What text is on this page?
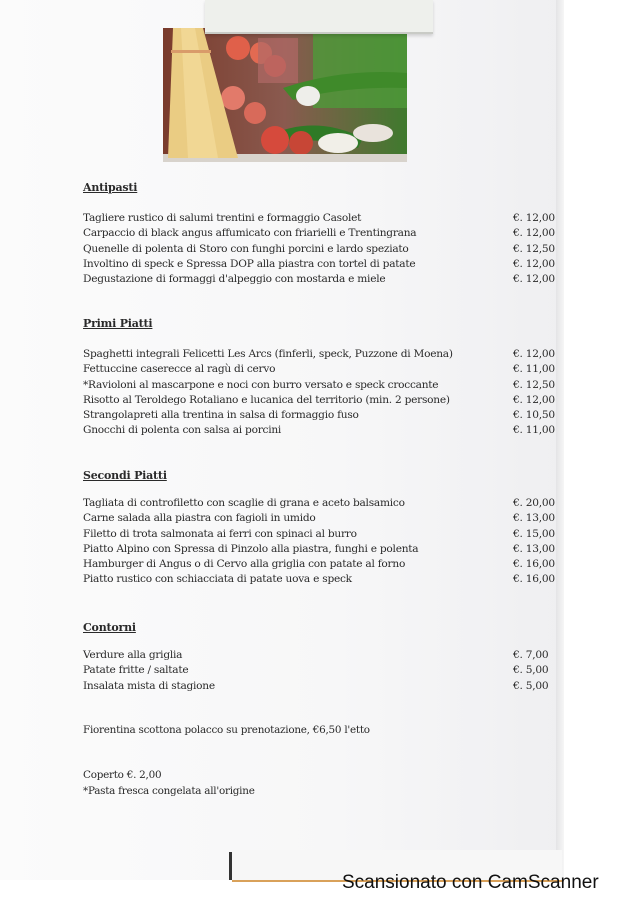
Antipasti
Tagliere rustico di salumi trentini e formaggio Casolet	€. 12,00
Carpaccio di black angus affumicato con friarielli e Trentingrana	€. 12,00
Quenelle di polenta di Storo con funghi porcini e lardo speziato	€. 12,50
Involtino di speck e Spressa DOP alla piastra con tortel di patate	€. 12,00
Degustazione di formaggi d'alpeggio con mostarda e miele	€. 12,00
Primi Piatti
Spaghetti integrali Felicetti Les Arcs (finferli, speck, Puzzone di Moena)	€. 12,00
Fettuccine caserecce al ragù di cervo	€. 11,00
*Ravioloni al mascarpone e noci con burro versato e speck croccante	€. 12,50
Risotto al Teroldego Rotaliano e lucanica del territorio (min. 2 persone)	€. 12,00
Strangolapreti alla trentina in salsa di formaggio fuso	€. 10,50
Gnocchi di polenta con salsa ai porcini	€. 11,00
Secondi Piatti
Tagliata di controfiletto con scaglie di grana e aceto balsamico	€. 20,00
Carne salada alla piastra con fagioli in umido	€. 13,00
Filetto di trota salmonata ai ferri con spinaci al burro	€. 15,00
Piatto Alpino con Spressa di Pinzolo alla piastra, funghi e polenta	€. 13,00
Hamburger di Angus o di Cervo alla griglia con patate al forno	€. 16,00
Piatto rustico con schiacciata di patate uova e speck	€. 16,00
Contorni
Verdure alla griglia	€. 7,00
Patate fritte / saltate	€. 5,00
Insalata mista di stagione	€. 5,00
Fiorentina scottona polacco su prenotazione, €6,50 l'etto
Coperto €. 2,00
*Pasta fresca congelata all'origine
Scansionato con CamScanner
